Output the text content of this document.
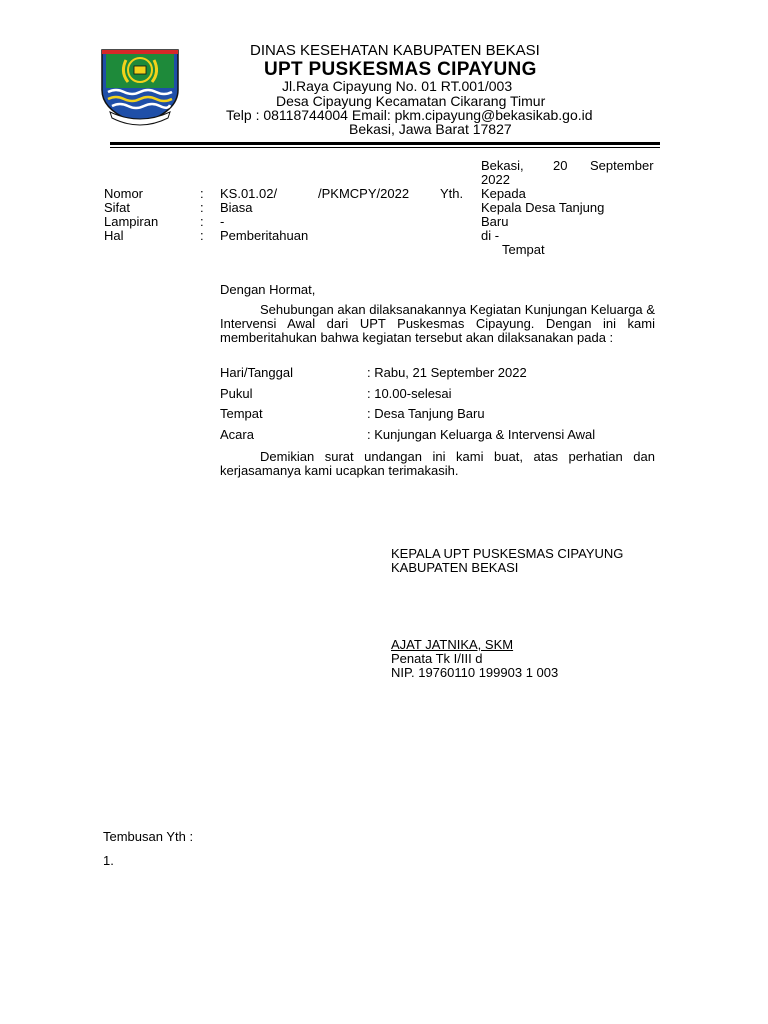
DINAS KESEHATAN KABUPATEN BEKASI
UPT PUSKESMAS CIPAYUNG
Jl.Raya Cipayung No. 01 RT.001/003
Desa Cipayung Kecamatan Cikarang Timur
Telp : 08118744004 Email: pkm.cipayung@bekasikab.go.id
Bekasi, Jawa Barat 17827
Bekasi, 20 September
2022
Nomor	: KS.01.02/	/PKMCPY/2022
Sifat	: Biasa
Lampiran	: -
Hal	: Pemberitahuan
Yth. Kepada
Kepala Desa Tanjung
Baru
di -
Tempat
Dengan Hormat,
Sehubungan akan dilaksanakannya Kegiatan Kunjungan Keluarga & Intervensi Awal dari UPT Puskesmas Cipayung. Dengan ini kami memberitahukan bahwa kegiatan tersebut akan dilaksanakan pada :
Hari/Tanggal	: Rabu, 21 September 2022
Pukul	: 10.00-selesai
Tempat	: Desa Tanjung Baru
Acara	: Kunjungan Keluarga & Intervensi Awal
Demikian surat undangan ini kami buat, atas perhatian dan kerjasamanya kami ucapkan terimakasih.
KEPALA UPT PUSKESMAS CIPAYUNG
KABUPATEN BEKASI
AJAT JATNIKA, SKM
Penata Tk I/III d
NIP. 19760110 199903 1 003
Tembusan Yth :
1.
